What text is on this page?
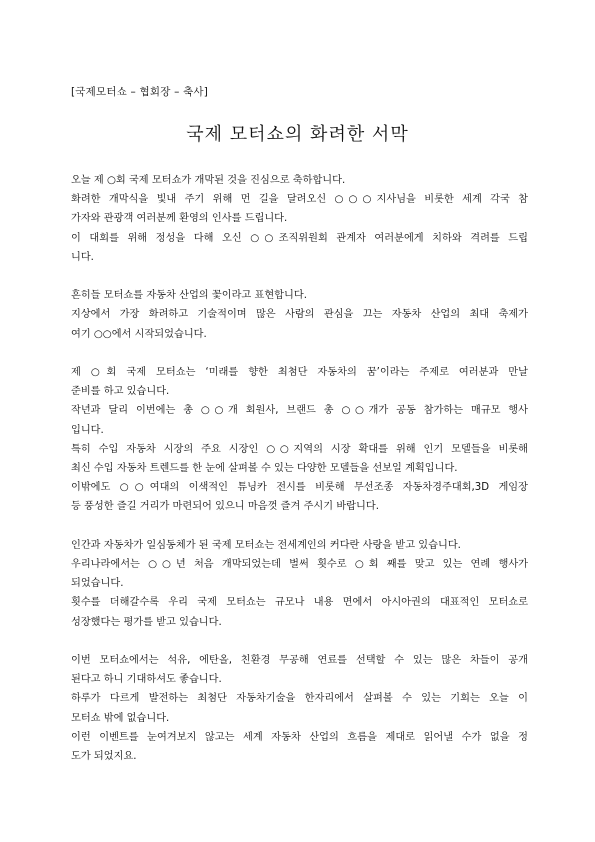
[국제모터쇼 – 협회장 – 축사]
국제 모터쇼의 화려한 서막
오늘 제 ○회 국제 모터쇼가 개막된 것을 진심으로 축하합니다.
화려한 개막식을 빛내 주기 위해 먼 길을 달려오신 ○○○지사님을 비롯한 세계 각국 참
가자와 관광객 여러분께 환영의 인사를 드립니다.
이 대회를 위해 정성을 다해 오신 ○○조직위원회 관계자 여러분에게 치하와 격려를 드립
니다.
흔히들 모터쇼를 자동차 산업의 꽃이라고 표현합니다.
지상에서 가장 화려하고 기술적이며 많은 사람의 관심을 끄는 자동차 산업의 최대 축제가
여기 ○○에서 시작되었습니다.
제 ○회 국제 모터쇼는 ‘미래를 향한 최첨단 자동차의 꿈’이라는 주제로 여러분과 만날
준비를 하고 있습니다.
작년과 달리 이번에는 총 ○○개 회원사, 브랜드 총 ○○개가 공동 참가하는 매규모 행사
입니다.
특히 수입 자동차 시장의 주요 시장인 ○○지역의 시장 확대를 위해 인기 모델들을 비롯해
최신 수입 자동차 트렌드를 한 눈에 살펴볼 수 있는 다양한 모델들을 선보일 계획입니다.
이밖에도 ○○여대의 이색적인 튜닝카 전시를 비롯해 무선조종 자동차경주대회,3D 게임장
등 풍성한 즐길 거리가 마련되어 있으니 마음껏 즐겨 주시기 바랍니다.
인간과 자동차가 일심동체가 된 국제 모터쇼는 전세계인의 커다란 사랑을 받고 있습니다.
우리나라에서는 ○○년 처음 개막되었는데 벌써 횟수로 ○회 째를 맞고 있는 연례 행사가
되었습니다.
횟수를 더해갈수록 우리 국제 모터쇼는 규모나 내용 면에서 아시아권의 대표적인 모터쇼로
성장했다는 평가를 받고 있습니다.
이번 모터쇼에서는 석유, 에탄올, 친환경 무공해 연료를 선택할 수 있는 많은 차들이 공개
된다고 하니 기대하셔도 좋습니다.
하루가 다르게 발전하는 최첨단 자동차기술을 한자리에서 살펴볼 수 있는 기회는 오늘 이
모터쇼 밖에 없습니다.
이런 이벤트를 눈여겨보지 않고는 세계 자동차 산업의 흐름을 제대로 읽어낼 수가 없을 정
도가 되었지요.
